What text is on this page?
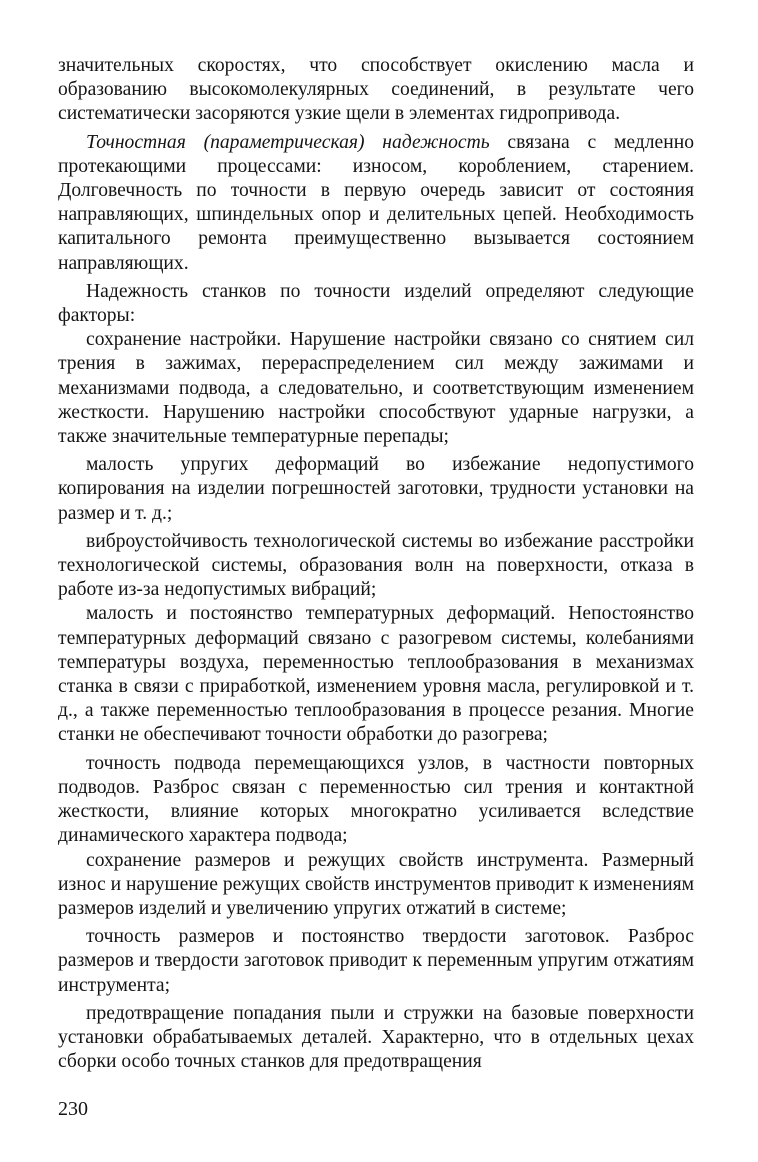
значительных скоростях, что способствует окислению масла и образованию высокомолекулярных соединений, в результате чего систематически засоряются узкие щели в элементах гидропривода.

Точностная (параметрическая) надежность связана с медленно протекающими процессами: износом, короблением, старением. Долговечность по точности в первую очередь зависит от состояния направляющих, шпиндельных опор и делительных цепей. Необходимость капитального ремонта преимущественно вызывается состоянием направляющих.

Надежность станков по точности изделий определяют следующие факторы:

сохранение настройки. Нарушение настройки связано со снятием сил трения в зажимах, перераспределением сил между зажимами и механизмами подвода, а следовательно, и соответствующим изменением жесткости. Нарушению настройки способствуют ударные нагрузки, а также значительные температурные перепады;

малость упругих деформаций во избежание недопустимого копирования на изделии погрешностей заготовки, трудности установки на размер и т. д.;

виброустойчивость технологической системы во избежание расстройки технологической системы, образования волн на поверхности, отказа в работе из-за недопустимых вибраций;

малость и постоянство температурных деформаций. Непостоянство температурных деформаций связано с разогревом системы, колебаниями температуры воздуха, переменностью теплообразования в механизмах станка в связи с приработкой, изменением уровня масла, регулировкой и т. д., а также переменностью теплообразования в процессе резания. Многие станки не обеспечивают точности обработки до разогрева;

точность подвода перемещающихся узлов, в частности повторных подводов. Разброс связан с переменностью сил трения и контактной жесткости, влияние которых многократно усиливается вследствие динамического характера подвода;

сохранение размеров и режущих свойств инструмента. Размерный износ и нарушение режущих свойств инструментов приводит к изменениям размеров изделий и увеличению упругих отжатий в системе;

точность размеров и постоянство твердости заготовок. Разброс размеров и твердости заготовок приводит к переменным упругим отжатиям инструмента;

предотвращение попадания пыли и стружки на базовые поверхности установки обрабатываемых деталей. Характерно, что в отдельных цехах сборки особо точных станков для предотвращения

230
